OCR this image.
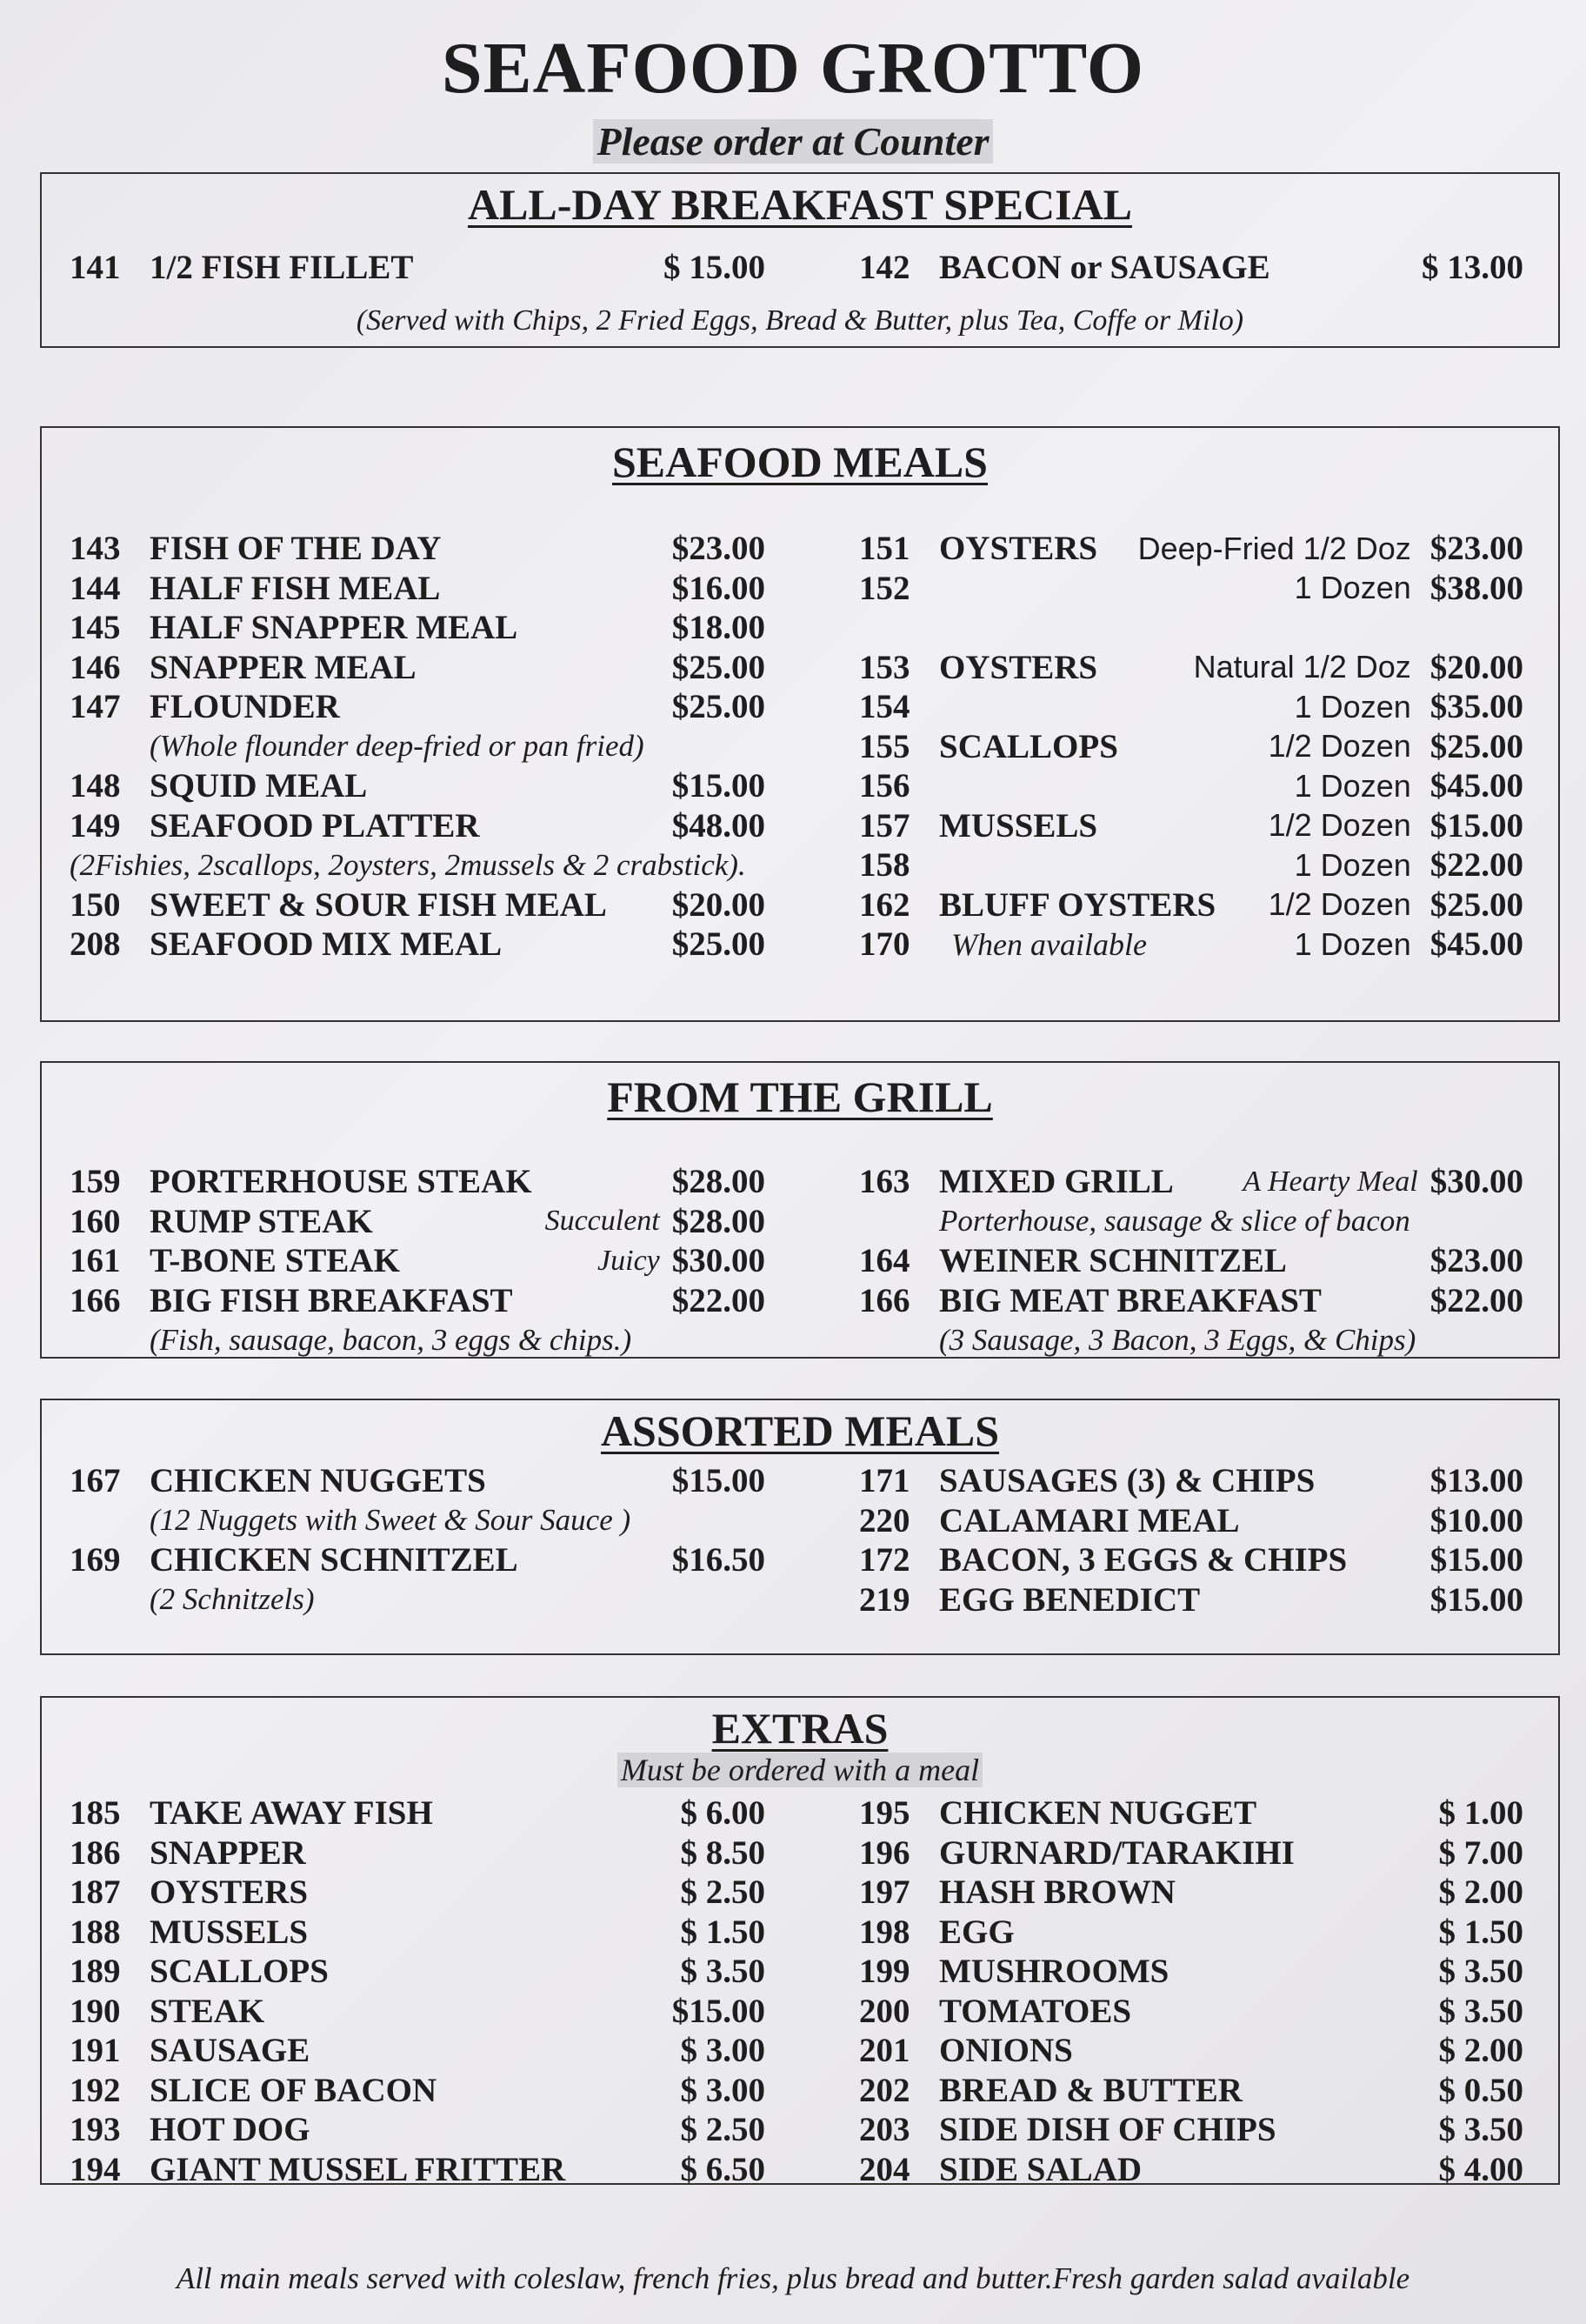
SEAFOOD GROTTO
Please order at Counter
ALL-DAY BREAKFAST SPECIAL
141 1/2 FISH FILLET	$ 15.00	142 BACON or SAUSAGE	$ 13.00
(Served with Chips, 2 Fried Eggs, Bread & Butter, plus Tea, Coffe or Milo)
SEAFOOD MEALS
143 FISH OF THE DAY	$23.00
144 HALF FISH MEAL	$16.00
145 HALF SNAPPER MEAL	$18.00
146 SNAPPER MEAL	$25.00
147 FLOUNDER	$25.00
(Whole flounder deep-fried or pan fried)
148 SQUID MEAL	$15.00
149 SEAFOOD PLATTER	$48.00
(2Fishies, 2scallops, 2oysters, 2mussels & 2 crabstick).
150 SWEET & SOUR FISH MEAL $20.00
208 SEAFOOD MIX MEAL	$25.00
151 OYSTERS Deep-Fried 1/2 Doz $23.00
152	1 Dozen $38.00
153 OYSTERS	Natural 1/2 Doz $20.00
154	1 Dozen $35.00
155 SCALLOPS	1/2 Dozen $25.00
156	1 Dozen $45.00
157 MUSSELS	1/2 Dozen $15.00
158	1 Dozen $22.00
162 BLUFF OYSTERS 1/2 Dozen $25.00
170	When available	1 Dozen $45.00
FROM THE GRILL
159 PORTERHOUSE STEAK	$28.00
160 RUMP STEAK	Succulent $28.00
161 T-BONE STEAK	Juicy $30.00
166 BIG FISH BREAKFAST	$22.00
(Fish, sausage, bacon, 3 eggs & chips.)
163 MIXED GRILL A Hearty Meal $30.00
Porterhouse, sausage & slice of bacon
164 WEINER SCHNITZEL	$23.00
166 BIG MEAT BREAKFAST	$22.00
(3 Sausage, 3 Bacon, 3 Eggs, & Chips)
ASSORTED MEALS
167 CHICKEN NUGGETS	$15.00
(12 Nuggets with Sweet & Sour Sauce )
169 CHICKEN SCHNITZEL	$16.50
(2 Schnitzels)
171 SAUSAGES (3) & CHIPS	$13.00
220 CALAMARI MEAL	$10.00
172 BACON, 3 EGGS & CHIPS $15.00
219 EGG BENEDICT	$15.00
EXTRAS
Must be ordered with a meal
185 TAKE AWAY FISH	$ 6.00
186 SNAPPER	$ 8.50
187 OYSTERS	$ 2.50
188 MUSSELS	$ 1.50
189 SCALLOPS	$ 3.50
190 STEAK	$15.00
191 SAUSAGE	$ 3.00
192 SLICE OF BACON	$ 3.00
193 HOT DOG	$ 2.50
194 GIANT MUSSEL FRITTER	$ 6.50
195 CHICKEN NUGGET	$ 1.00
196 GURNARD/TARAKIHI	$ 7.00
197 HASH BROWN	$ 2.00
198 EGG	$ 1.50
199 MUSHROOMS	$ 3.50
200 TOMATOES	$ 3.50
201 ONIONS	$ 2.00
202 BREAD & BUTTER	$ 0.50
203 SIDE DISH OF CHIPS	$ 3.50
204 SIDE SALAD	$ 4.00
All main meals served with coleslaw, french fries, plus bread and butter.Fresh garden salad available
